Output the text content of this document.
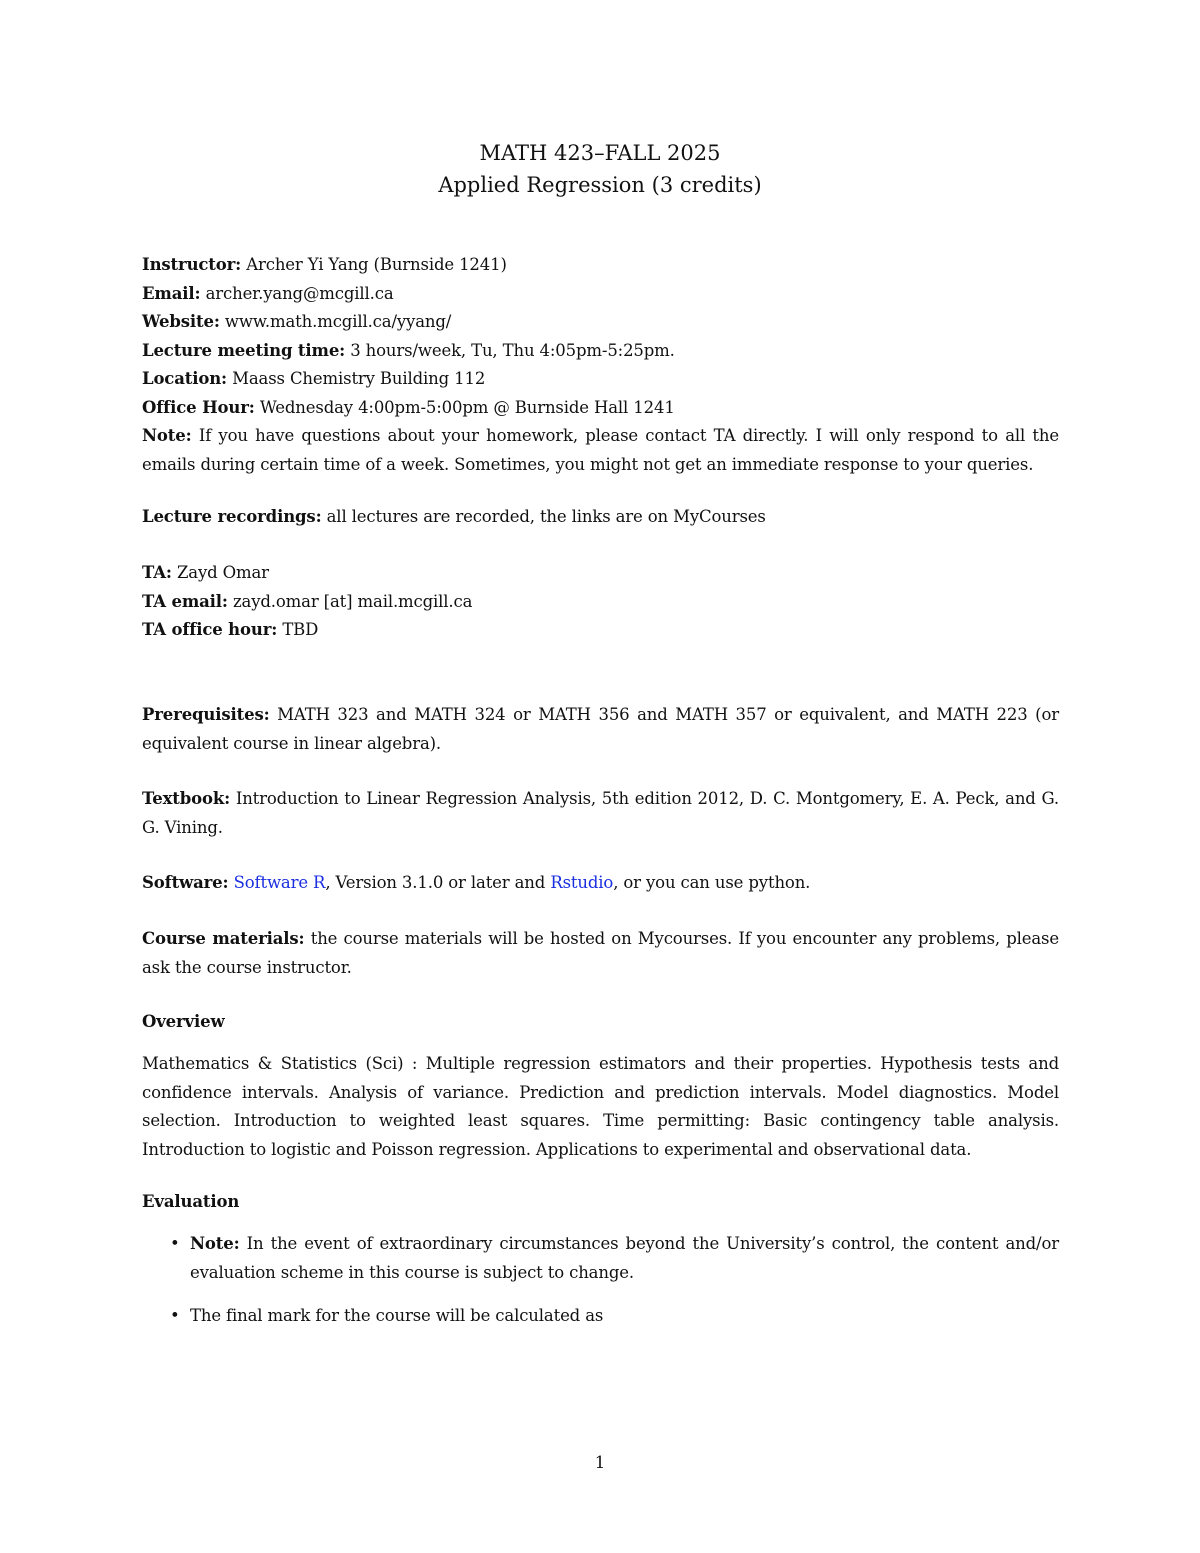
MATH 423–FALL 2025
Applied Regression (3 credits)
Instructor: Archer Yi Yang (Burnside 1241)
Email: archer.yang@mcgill.ca
Website: www.math.mcgill.ca/yyang/
Lecture meeting time: 3 hours/week, Tu, Thu 4:05pm-5:25pm.
Location: Maass Chemistry Building 112
Office Hour: Wednesday 4:00pm-5:00pm @ Burnside Hall 1241

Note: If you have questions about your homework, please contact TA directly. I will only respond to all the emails during certain time of a week. Sometimes, you might not get an immediate response to your queries.

Lecture recordings: all lectures are recorded, the links are on MyCourses
TA: Zayd Omar
TA email: zayd.omar [at] mail.mcgill.ca
TA office hour: TBD

Prerequisites: MATH 323 and MATH 324 or MATH 356 and MATH 357 or equivalent, and MATH 223 (or equivalent course in linear algebra).

Textbook: Introduction to Linear Regression Analysis, 5th edition 2012, D. C. Montgomery, E. A. Peck, and G. G. Vining.

Software: Software R, Version 3.1.0 or later and Rstudio, or you can use python.

Course materials: the course materials will be hosted on Mycourses. If you encounter any problems, please ask the course instructor.

Overview

Mathematics & Statistics (Sci) : Multiple regression estimators and their properties. Hypothesis tests and confidence intervals. Analysis of variance. Prediction and prediction intervals. Model diagnostics. Model selection. Introduction to weighted least squares. Time permitting: Basic contingency table analysis. Introduction to logistic and Poisson regression. Applications to experimental and observational data.

Evaluation
• Note: In the event of extraordinary circumstances beyond the University’s control, the content and/or evaluation scheme in this course is subject to change.

• The final mark for the course will be calculated as

1
